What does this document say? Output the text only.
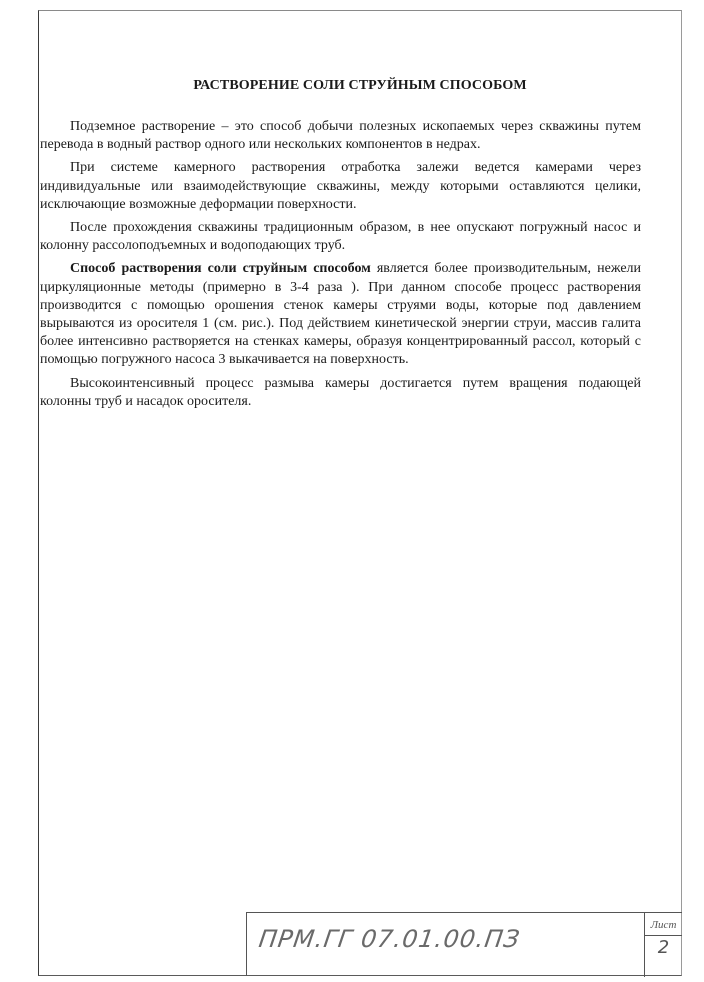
РАСТВОРЕНИЕ СОЛИ СТРУЙНЫМ СПОСОБОМ

Подземное растворение – это способ добычи полезных ископаемых через скважины путем перевода в водный раствор одного или нескольких компонентов в недрах.

При системе камерного растворения отработка залежи ведется камерами через индивидуальные или взаимодействующие скважины, между которыми оставляются целики, исключающие возможные деформации поверхности.

После прохождения скважины традиционным образом, в нее опускают погружный насос и колонну рассолоподъемных и водоподающих труб.

Способ растворения соли струйным способом является более производительным, нежели циркуляционные методы (примерно в 3-4 раза ). При данном способе процесс растворения производится с помощью орошения стенок камеры струями воды, которые под давлением вырываются из оросителя 1 (см. рис.). Под действием кинетической энергии струи, массив галита более интенсивно растворяется на стенках камеры, образуя концентрированный рассол, который с помощью погружного насоса 3 выкачивается на поверхность.

Высокоинтенсивный процесс размыва камеры достигается путем вращения подающей колонны труб и насадок оросителя.

ПРМ.ГГ 07.01.00.ПЗ	Лист
2
